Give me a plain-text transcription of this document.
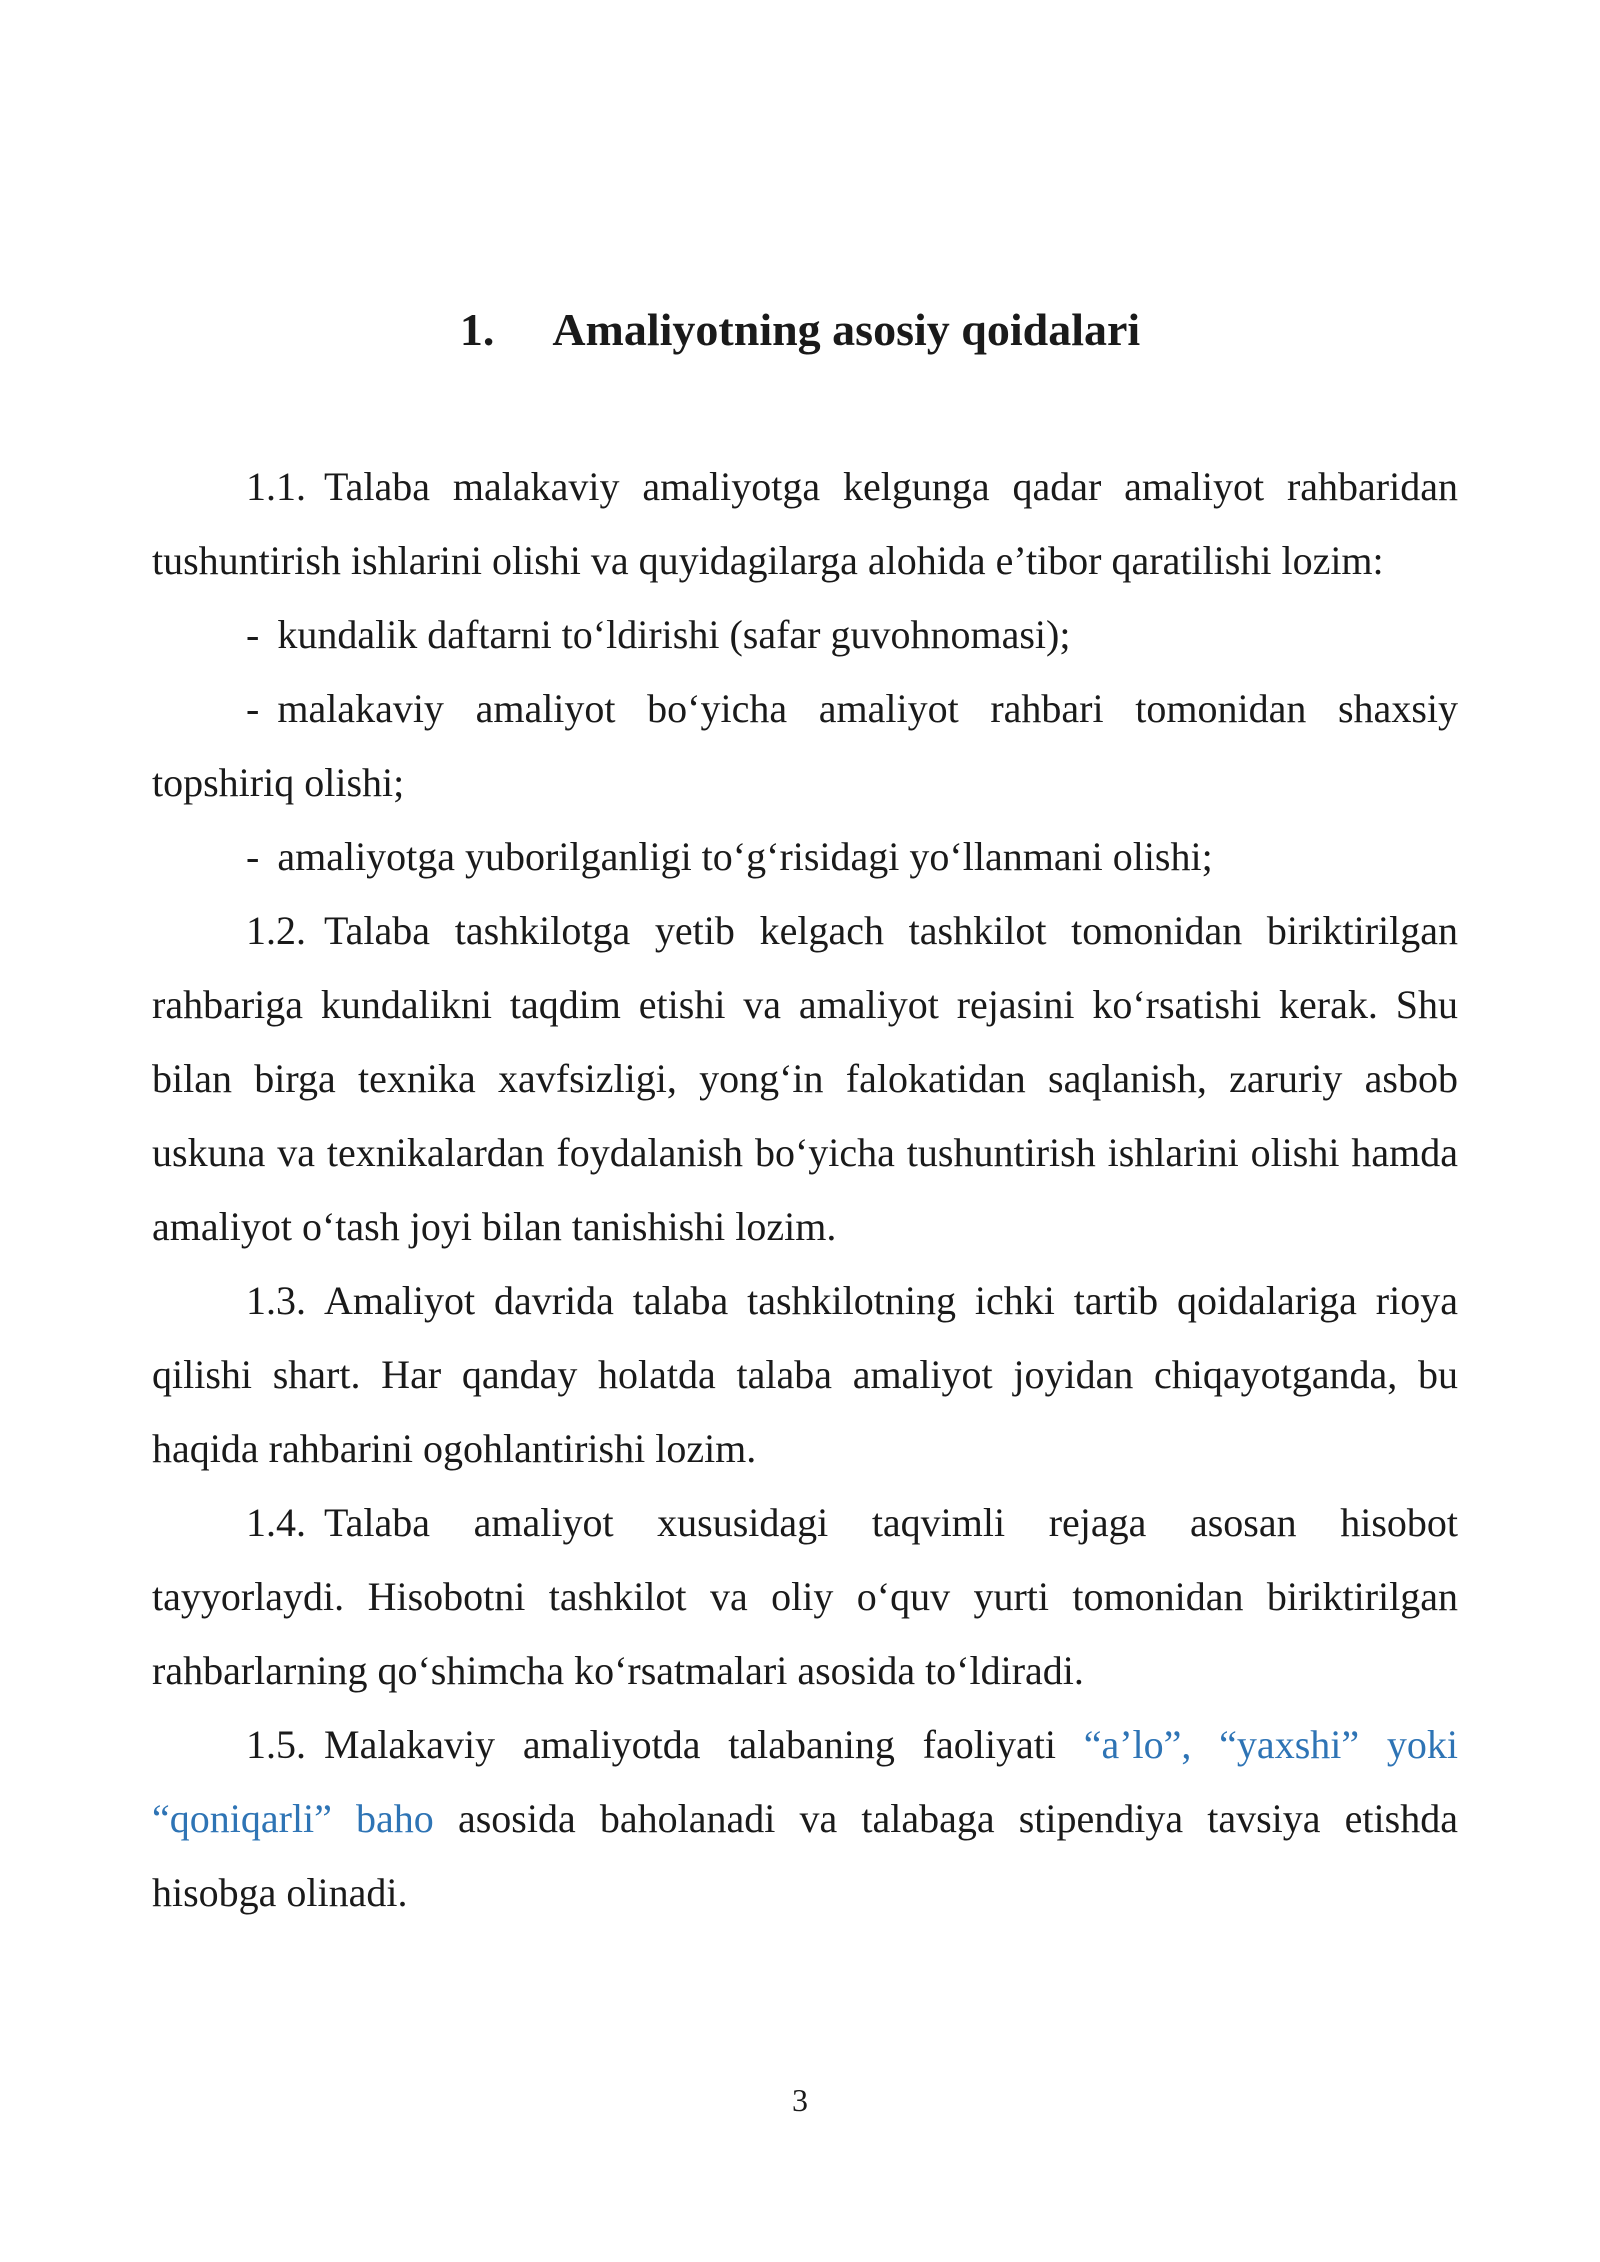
1. Amaliyotning asosiy qoidalari

1.1. Talaba malakaviy amaliyotga kelgunga qadar amaliyot rahbaridan tushuntirish ishlarini olishi va quyidagilarga alohida e’tibor qaratilishi lozim:

- kundalik daftarni to‘ldirishi (safar guvohnomasi);

- malakaviy amaliyot bo‘yicha amaliyot rahbari tomonidan shaxsiy topshiriq olishi;

- amaliyotga yuborilganligi to‘g‘risidagi yo‘llanmani olishi;

1.2. Talaba tashkilotga yetib kelgach tashkilot tomonidan biriktirilgan rahbariga kundalikni taqdim etishi va amaliyot rejasini ko‘rsatishi kerak. Shu bilan birga texnika xavfsizligi, yong‘in falokatidan saqlanish, zaruriy asbob uskuna va texnikalardan foydalanish bo‘yicha tushuntirish ishlarini olishi hamda amaliyot o‘tash joyi bilan tanishishi lozim.

1.3. Amaliyot davrida talaba tashkilotning ichki tartib qoidalariga rioya qilishi shart. Har qanday holatda talaba amaliyot joyidan chiqayotganda, bu haqida rahbarini ogohlantirishi lozim.

1.4. Talaba amaliyot xususidagi taqvimli rejaga asosan hisobot tayyorlaydi. Hisobotni tashkilot va oliy o‘quv yurti tomonidan biriktirilgan rahbarlarning qo‘shimcha ko‘rsatmalari asosida to‘ldiradi.

1.5. Malakaviy amaliyotda talabaning faoliyati “a’lo”, “yaxshi” yoki “qoniqarli” baho asosida baholanadi va talabaga stipendiya tavsiya etishda hisobga olinadi.

3
